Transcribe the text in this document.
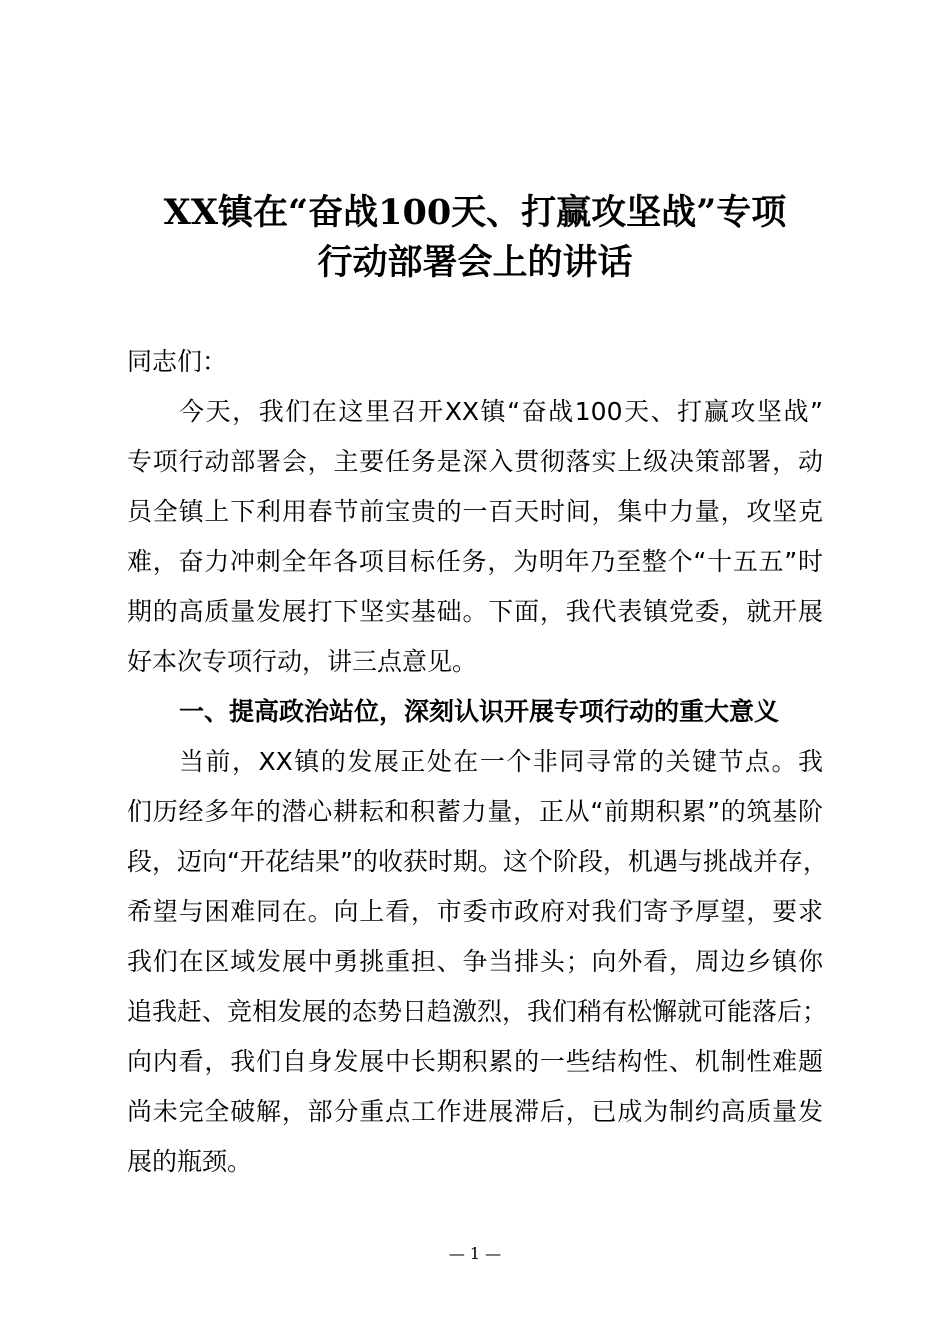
XX镇在“奋战100天、打赢攻坚战”专项
行动部署会上的讲话
同志们：
今天，我们在这里召开XX镇“奋战100天、打赢攻坚战”
专项行动部署会，主要任务是深入贯彻落实上级决策部署，动
员全镇上下利用春节前宝贵的一百天时间，集中力量，攻坚克
难，奋力冲刺全年各项目标任务，为明年乃至整个“十五五”时
期的高质量发展打下坚实基础。下面，我代表镇党委，就开展
好本次专项行动，讲三点意见。
一、提高政治站位，深刻认识开展专项行动的重大意义
当前，XX镇的发展正处在一个非同寻常的关键节点。我
们历经多年的潜心耕耘和积蓄力量，正从“前期积累”的筑基阶
段，迈向“开花结果”的收获时期。这个阶段，机遇与挑战并存，
希望与困难同在。向上看，市委市政府对我们寄予厚望，要求
我们在区域发展中勇挑重担、争当排头；向外看，周边乡镇你
追我赶、竞相发展的态势日趋激烈，我们稍有松懈就可能落后；
向内看，我们自身发展中长期积累的一些结构性、机制性难题
尚未完全破解，部分重点工作进展滞后，已成为制约高质量发
展的瓶颈。
— 1 —
